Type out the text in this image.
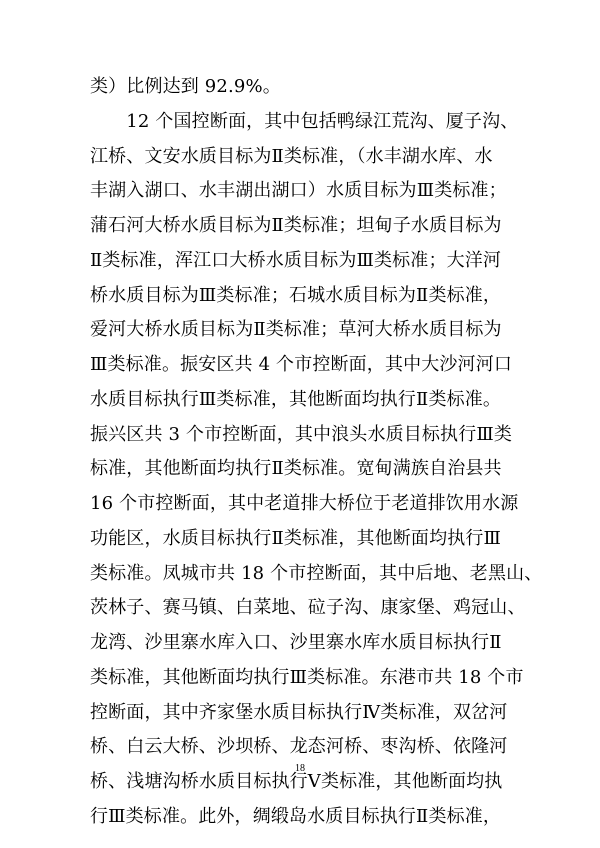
类）比例达到 92.9%。
　　12 个国控断面，其中包括鸭绿江荒沟、厦子沟、
江桥、文安水质目标为Ⅱ类标准，（水丰湖水库、水
丰湖入湖口、水丰湖出湖口）水质目标为Ⅲ类标准；
蒲石河大桥水质目标为Ⅱ类标准；坦甸子水质目标为
Ⅱ类标准，浑江口大桥水质目标为Ⅲ类标准；大洋河
桥水质目标为Ⅲ类标准；石城水质目标为Ⅱ类标准，
爱河大桥水质目标为Ⅱ类标准；草河大桥水质目标为
Ⅲ类标准。振安区共 4 个市控断面，其中大沙河河口
水质目标执行Ⅲ类标准，其他断面均执行Ⅱ类标准。
振兴区共 3 个市控断面，其中浪头水质目标执行Ⅲ类
标准，其他断面均执行Ⅱ类标准。宽甸满族自治县共
16 个市控断面，其中老道排大桥位于老道排饮用水源
功能区，水质目标执行Ⅱ类标准，其他断面均执行Ⅲ
类标准。凤城市共 18 个市控断面，其中后地、老黑山、
茨林子、赛马镇、白菜地、砬子沟、康家堡、鸡冠山、
龙湾、沙里寨水库入口、沙里寨水库水质目标执行Ⅱ
类标准，其他断面均执行Ⅲ类标准。东港市共 18 个市
控断面，其中齐家堡水质目标执行Ⅳ类标准，双岔河
桥、白云大桥、沙坝桥、龙态河桥、枣沟桥、依隆河
桥、浅塘沟桥水质目标执行Ⅴ类标准，其他断面均执
行Ⅲ类标准。此外，绸缎岛水质目标执行Ⅱ类标准，
18
